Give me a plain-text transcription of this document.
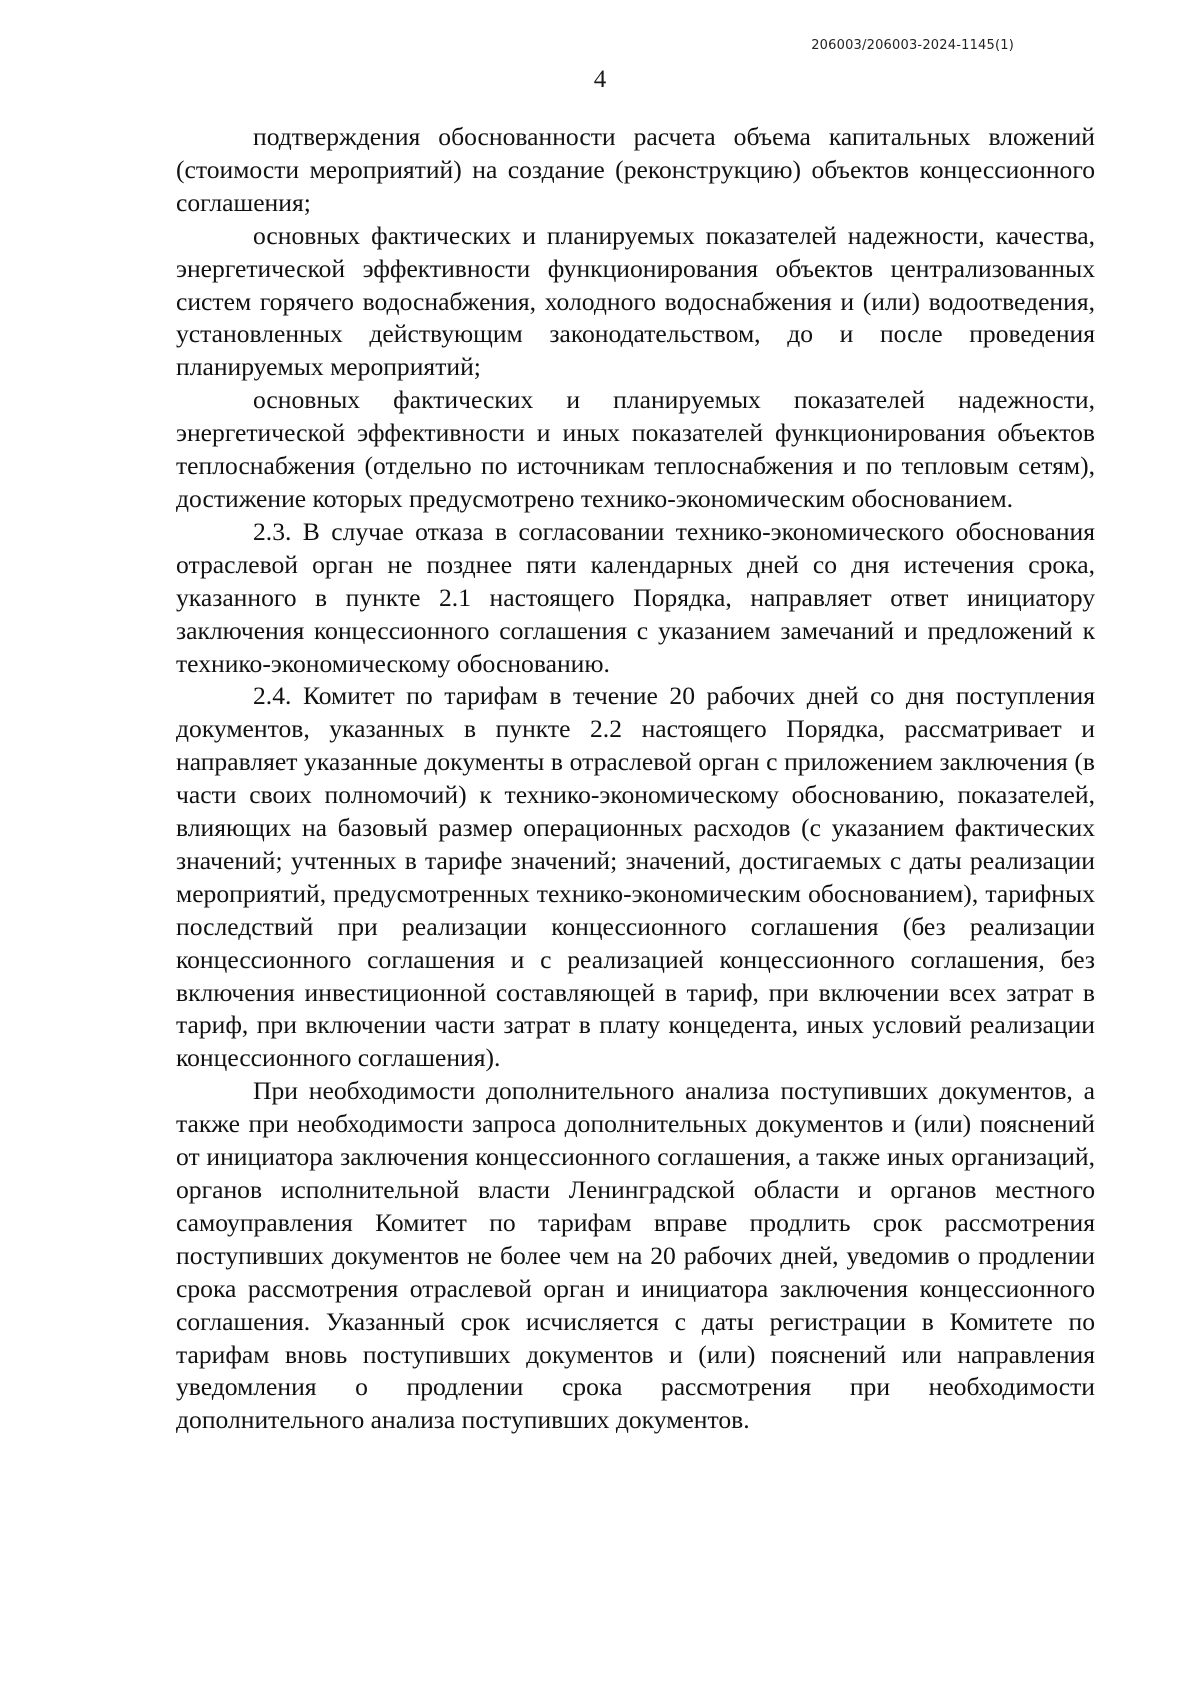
206003/206003-2024-1145(1)
4

подтверждения обоснованности расчета объема капитальных вложений (стоимости мероприятий) на создание (реконструкцию) объектов концессионного соглашения;

основных фактических и планируемых показателей надежности, качества, энергетической эффективности функционирования объектов централизованных систем горячего водоснабжения, холодного водоснабжения и (или) водоотведения, установленных действующим законодательством, до и после проведения планируемых мероприятий;

основных фактических и планируемых показателей надежности, энергетической эффективности и иных показателей функционирования объектов теплоснабжения (отдельно по источникам теплоснабжения и по тепловым сетям), достижение которых предусмотрено технико-экономическим обоснованием.

2.3. В случае отказа в согласовании технико-экономического обоснования отраслевой орган не позднее пяти календарных дней со дня истечения срока, указанного в пункте 2.1 настоящего Порядка, направляет ответ инициатору заключения концессионного соглашения с указанием замечаний и предложений к технико-экономическому обоснованию.

2.4. Комитет по тарифам в течение 20 рабочих дней со дня поступления документов, указанных в пункте 2.2 настоящего Порядка, рассматривает и направляет указанные документы в отраслевой орган с приложением заключения (в части своих полномочий) к технико-экономическому обоснованию, показателей, влияющих на базовый размер операционных расходов (с указанием фактических значений; учтенных в тарифе значений; значений, достигаемых с даты реализации мероприятий, предусмотренных технико-экономическим обоснованием), тарифных последствий при реализации концессионного соглашения (без реализации концессионного соглашения и с реализацией концессионного соглашения, без включения инвестиционной составляющей в тариф, при включении всех затрат в тариф, при включении части затрат в плату концедента, иных условий реализации концессионного соглашения).

При необходимости дополнительного анализа поступивших документов, а также при необходимости запроса дополнительных документов и (или) пояснений от инициатора заключения концессионного соглашения, а также иных организаций, органов исполнительной власти Ленинградской области и органов местного самоуправления Комитет по тарифам вправе продлить срок рассмотрения поступивших документов не более чем на 20 рабочих дней, уведомив о продлении срока рассмотрения отраслевой орган и инициатора заключения концессионного соглашения. Указанный срок исчисляется с даты регистрации в Комитете по тарифам вновь поступивших документов и (или) пояснений или направления уведомления о продлении срока рассмотрения при необходимости дополнительного анализа поступивших документов.
